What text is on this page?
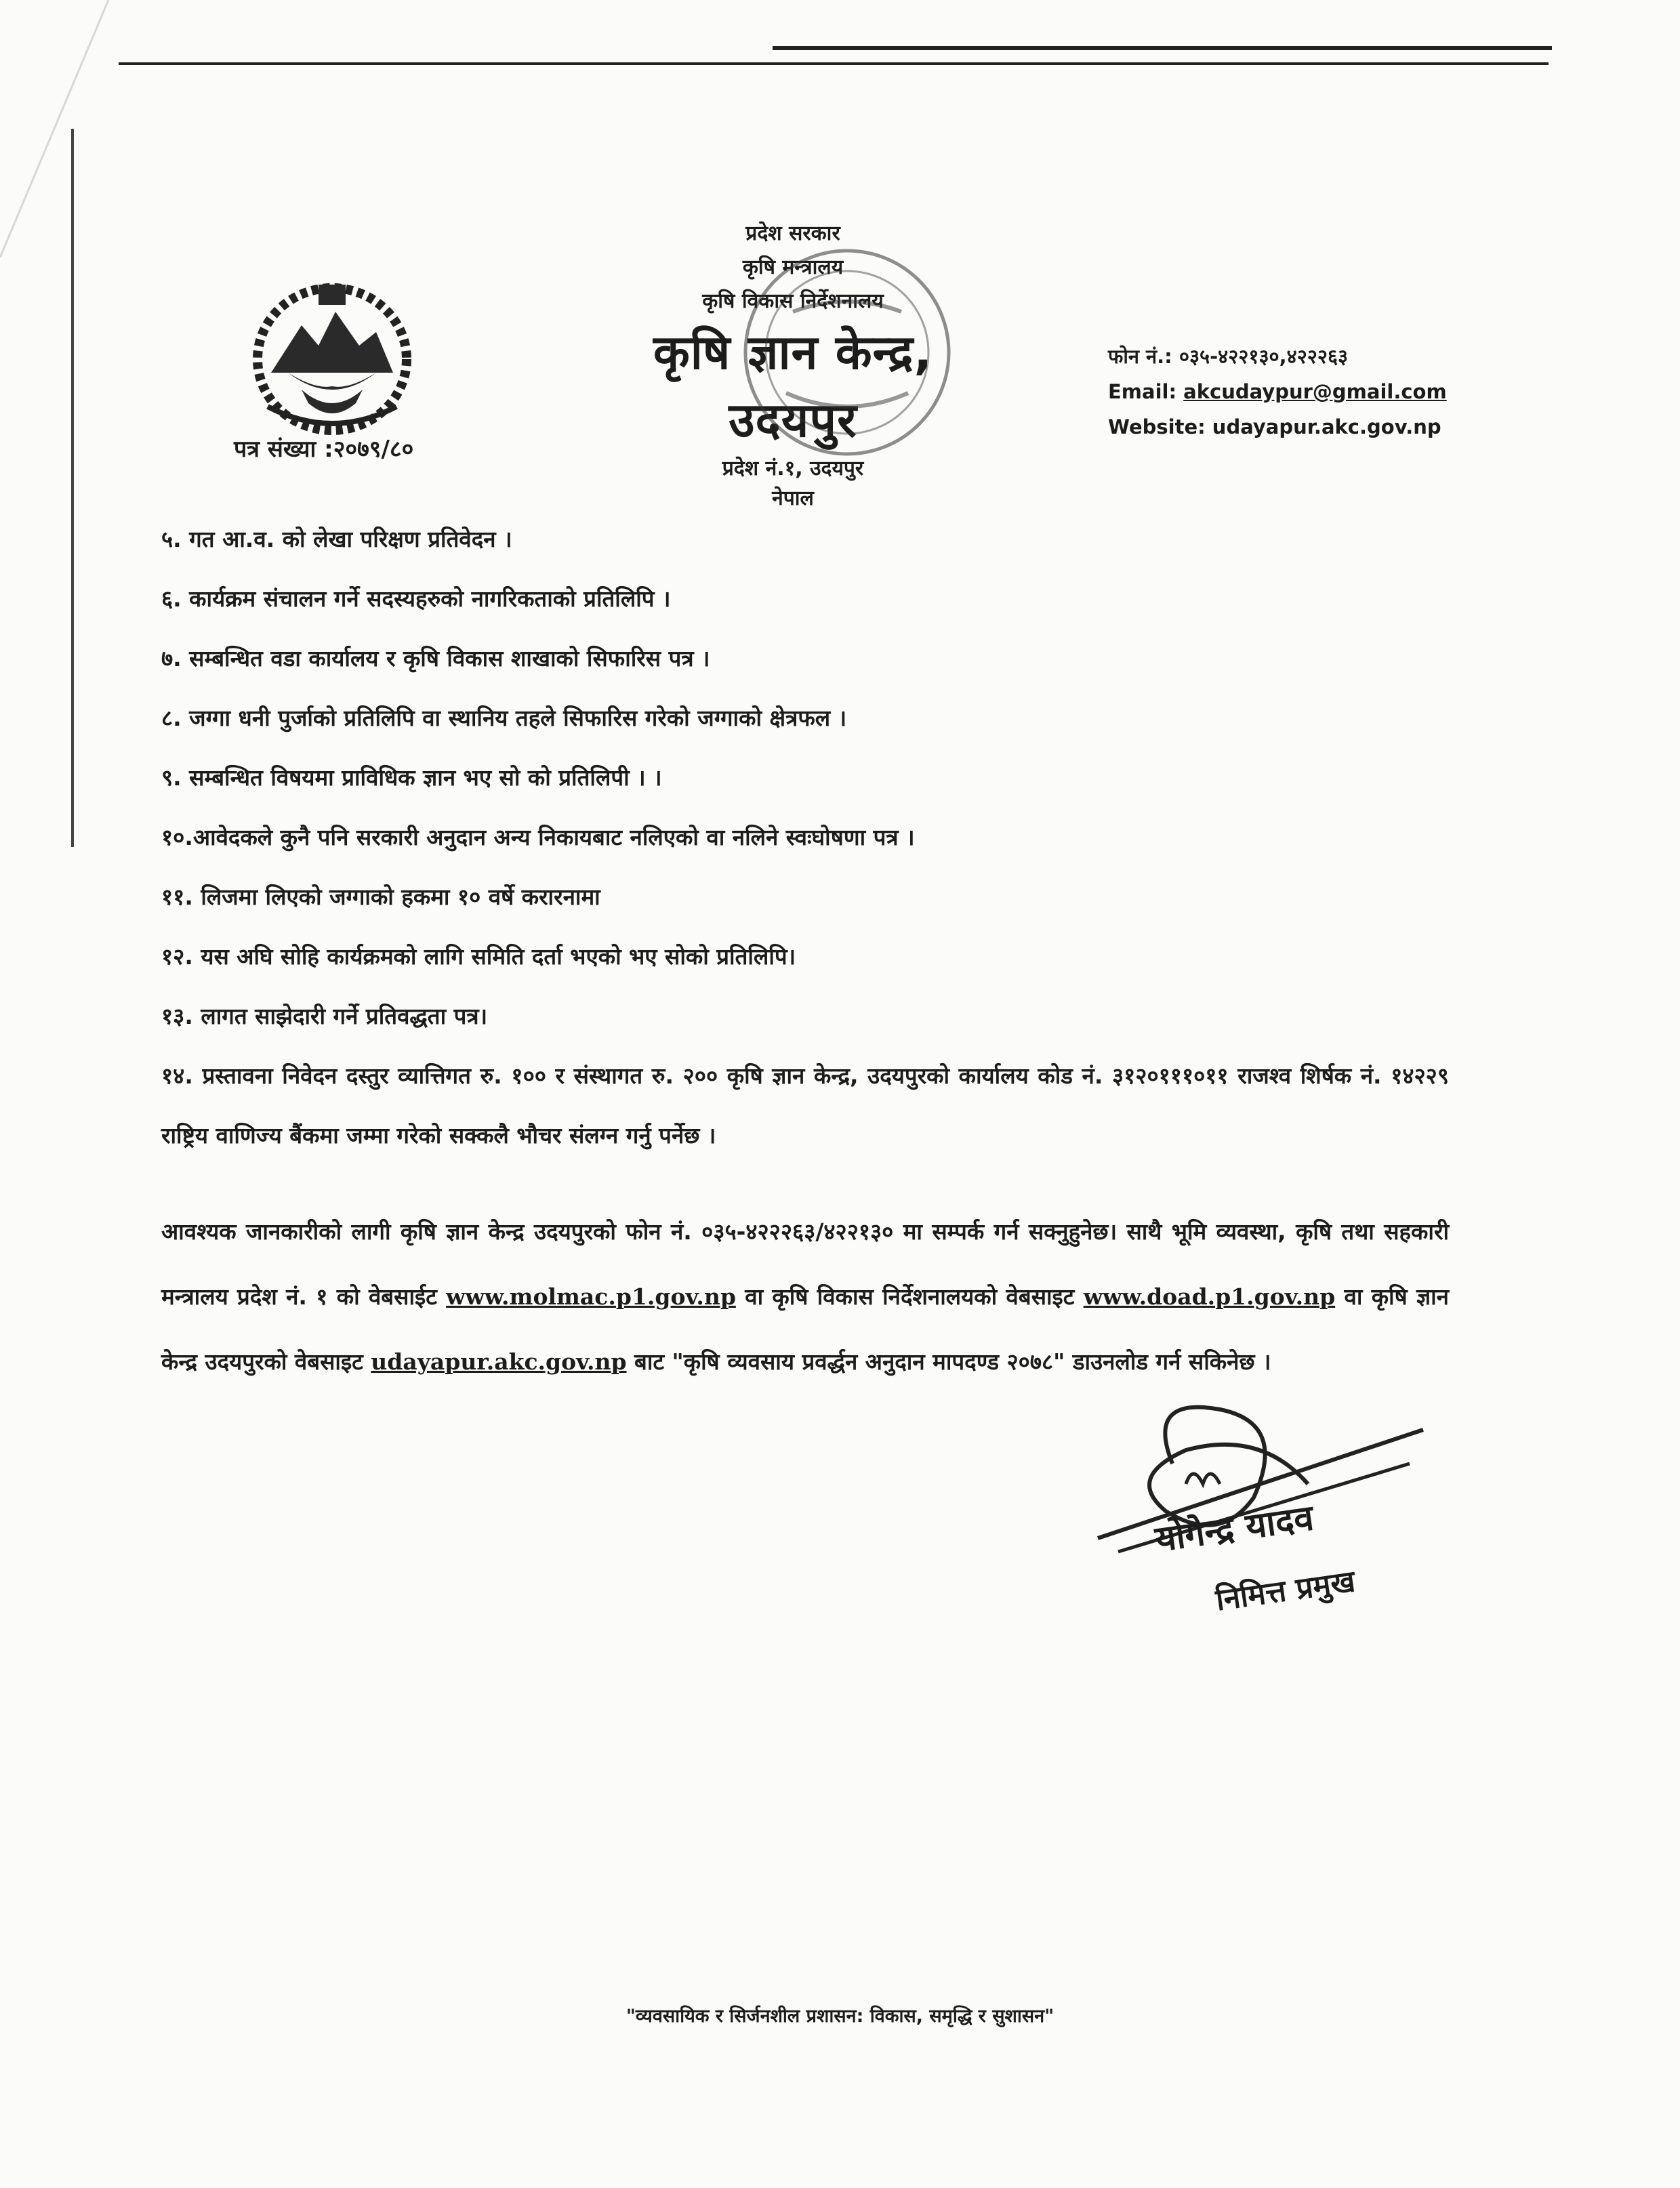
प्रदेश सरकार
कृषि मन्त्रालय
कृषि विकास निर्देशनालय
कृषि ज्ञान केन्द्र, उदयपुर
प्रदेश नं.१, उदयपुर
नेपाल
फोन नं.: ०३५-४२२१३०,४२२२६३
Email: akcudaypur@gmail.com
Website: udayapur.akc.gov.np
पत्र संख्या :२०७९/८०
५. गत आ.व. को लेखा परिक्षण प्रतिवेदन ।
६. कार्यक्रम संचालन गर्ने सदस्यहरुको नागरिकताको प्रतिलिपि ।
७. सम्बन्धित वडा कार्यालय र कृषि विकास शाखाको सिफारिस पत्र ।
८. जग्गा धनी पुर्जाको प्रतिलिपि वा स्थानिय तहले सिफारिस गरेको जग्गाको क्षेत्रफल ।
९. सम्बन्धित विषयमा प्राविधिक ज्ञान भए सो को प्रतिलिपी । ।
१०.आवेदकले कुनै पनि सरकारी अनुदान अन्य निकायबाट नलिएको वा नलिने स्वःघोषणा पत्र ।
११. लिजमा लिएको जग्गाको हकमा १० वर्षे करारनामा
१२. यस अघि सोहि कार्यक्रमको लागि समिति दर्ता भएको भए सोको प्रतिलिपि।
१३. लागत साझेदारी गर्ने प्रतिवद्धता पत्र।
१४. प्रस्तावना निवेदन दस्तुर व्यात्तिगत रु. १०० र संस्थागत रु. २०० कृषि ज्ञान केन्द्र, उदयपुरको कार्यालय कोड नं. ३१२०१११०११ राजश्व शिर्षक नं. १४२२९ राष्ट्रिय वाणिज्य बैंकमा जम्मा गरेको सक्कलै भौचर संलग्न गर्नु पर्नेछ ।
आवश्यक जानकारीको लागी कृषि ज्ञान केन्द्र उदयपुरको फोन नं. ०३५-४२२२६३/४२२१३० मा सम्पर्क गर्न सक्नुहुनेछ। साथै भूमि व्यवस्था, कृषि तथा सहकारी मन्त्रालय प्रदेश नं. १ को वेबसाईट www.molmac.p1.gov.np वा कृषि विकास निर्देशनालयको वेबसाइट www.doad.p1.gov.np वा कृषि ज्ञान केन्द्र उदयपुरको वेबसाइट udayapur.akc.gov.np बाट "कृषि व्यवसाय प्रवर्द्धन अनुदान मापदण्ड २०७८" डाउनलोड गर्न सकिनेछ ।
योगेन्द्र यादव
निमित्त प्रमुख
"व्यवसायिक र सिर्जनशील प्रशासन: विकास, समृद्धि र सुशासन"
